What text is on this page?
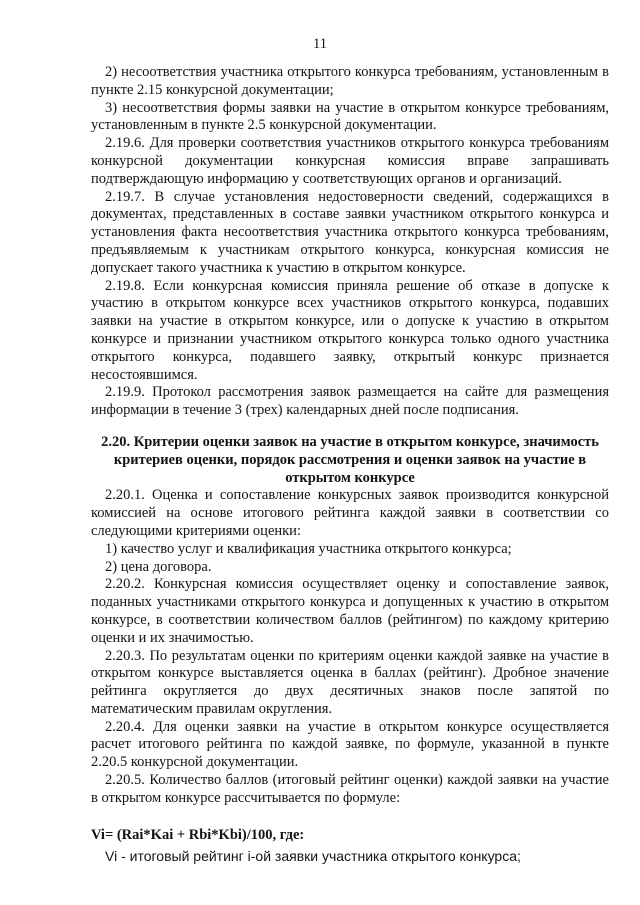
11

2) несоответствия участника открытого конкурса требованиям, установленным в пункте 2.15 конкурсной документации;

3) несоответствия формы заявки на участие в открытом конкурсе требованиям, установленным в пункте 2.5 конкурсной документации.

2.19.6. Для проверки соответствия участников открытого конкурса требованиям конкурсной документации конкурсная комиссия вправе запрашивать подтверждающую информацию у соответствующих органов и организаций.

2.19.7. В случае установления недостоверности сведений, содержащихся в документах, представленных в составе заявки участником открытого конкурса и установления факта несоответствия участника открытого конкурса требованиям, предъявляемым к участникам открытого конкурса, конкурсная комиссия не допускает такого участника к участию в открытом конкурсе.

2.19.8. Если конкурсная комиссия приняла решение об отказе в допуске к участию в открытом конкурсе всех участников открытого конкурса, подавших заявки на участие в открытом конкурсе, или о допуске к участию в открытом конкурсе и признании участником открытого конкурса только одного участника открытого конкурса, подавшего заявку, открытый конкурс признается несостоявшимся.

2.19.9. Протокол рассмотрения заявок размещается на сайте для размещения информации в течение 3 (трех) календарных дней после подписания.

2.20. Критерии оценки заявок на участие в открытом конкурсе, значимость критериев оценки, порядок рассмотрения и оценки заявок на участие в открытом конкурсе

2.20.1. Оценка и сопоставление конкурсных заявок производится конкурсной комиссией на основе итогового рейтинга каждой заявки в соответствии со следующими критериями оценки:

1) качество услуг и квалификация участника открытого конкурса;

2) цена договора.

2.20.2. Конкурсная комиссия осуществляет оценку и сопоставление заявок, поданных участниками открытого конкурса и допущенных к участию в открытом конкурсе, в соответствии количеством баллов (рейтингом) по каждому критерию оценки и их значимостью.

2.20.3. По результатам оценки по критериям оценки каждой заявке на участие в открытом конкурсе выставляется оценка в баллах (рейтинг). Дробное значение рейтинга округляется до двух десятичных знаков после запятой по математическим правилам округления.

2.20.4. Для оценки заявки на участие в открытом конкурсе осуществляется расчет итогового рейтинга по каждой заявке, по формуле, указанной в пункте 2.20.5 конкурсной документации.

2.20.5. Количество баллов (итоговый рейтинг оценки) каждой заявки на участие в открытом конкурсе рассчитывается по формуле:

Vi= (Rai*Kai + Rbi*Kbi)/100, где:

Vi - итоговый рейтинг i-ой заявки участника открытого конкурса;
